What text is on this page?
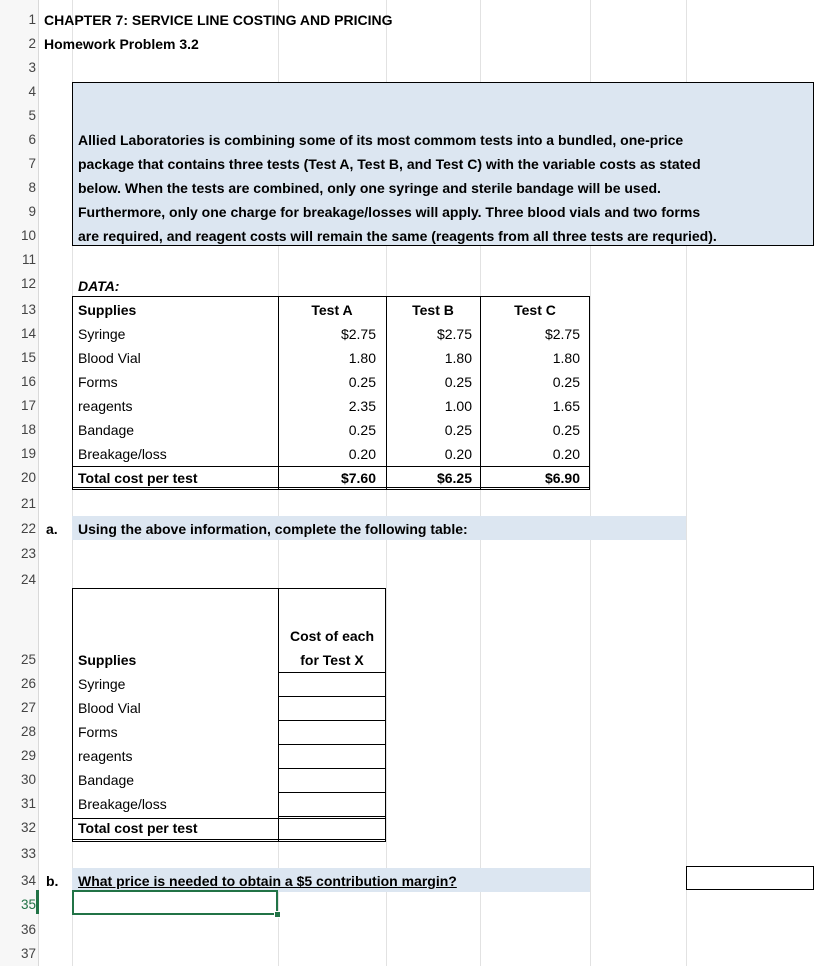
1
2
3
4
5
6
7
8
9
10
11
12
13
14
15
16
17
18
19
20
21
22
23
24
25
26
27
28
29
30
31
32
33
34
35
36
37
CHAPTER 7: SERVICE LINE COSTING AND PRICING
Homework Problem 3.2
Allied Laboratories is combining some of its most commom tests into a bundled, one-price
package that contains three tests (Test A, Test B, and Test C) with the variable costs as stated
below. When the tests are combined, only one syringe and sterile bandage will be used.
Furthermore, only one charge for breakage/losses will apply. Three blood vials and two forms
are required, and reagent costs will remain the same (reagents from all three tests are requried).
DATA:
Supplies	Test A	Test B	Test C
Syringe	$2.75	$2.75	$2.75
Blood Vial	1.80	1.80	1.80
Forms	0.25	0.25	0.25
reagents	2.35	1.00	1.65
Bandage	0.25	0.25	0.25
Breakage/loss	0.20	0.20	0.20
Total cost per test	$7.60	$6.25	$6.90
a. Using the above information, complete the following table:
Cost of each
for Test X
Supplies
Syringe
Blood Vial
Forms
reagents
Bandage
Breakage/loss
Total cost per test
b. What price is needed to obtain a $5 contribution margin?
